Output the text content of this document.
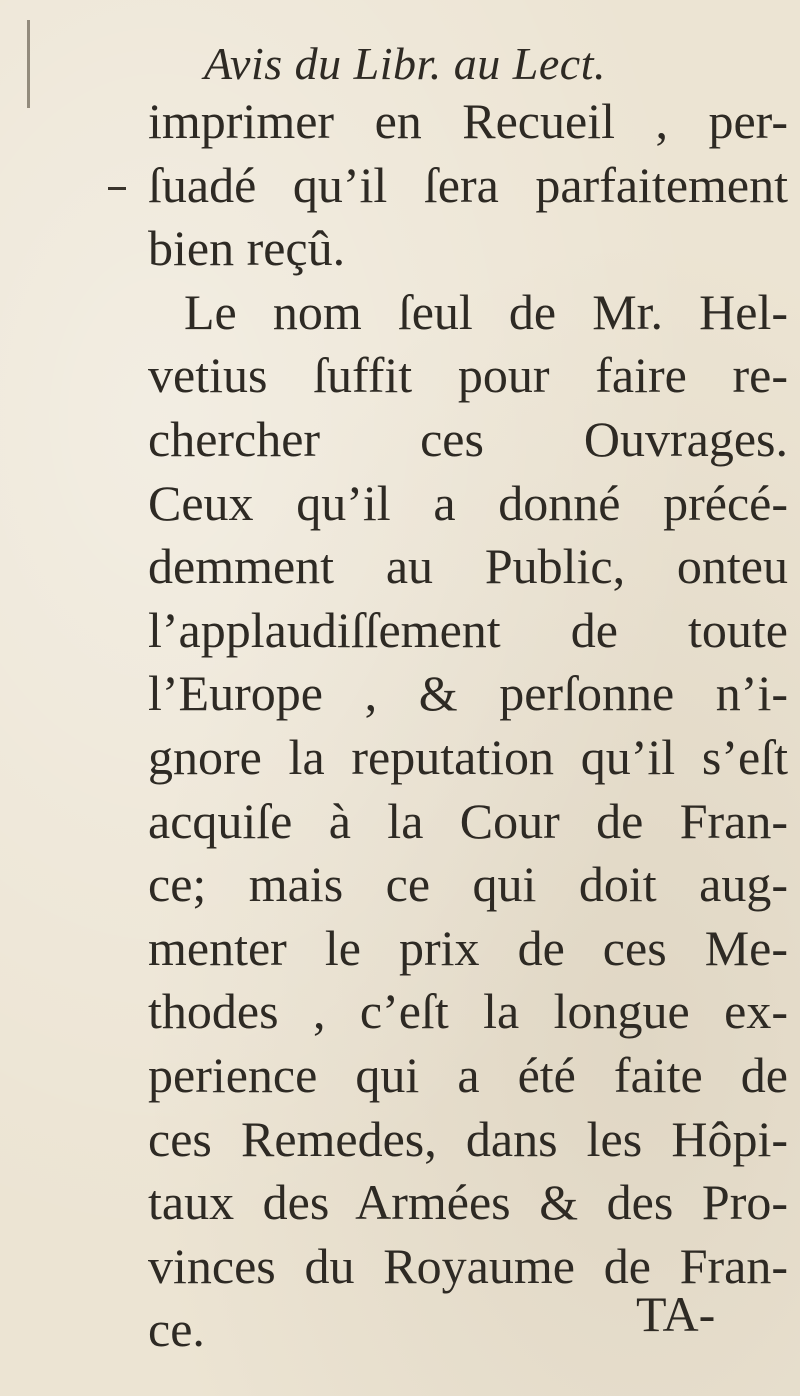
Avis du Libr. au Lect.
imprimer en Recueil , per-
ſuadé qu’il ſera parfaitement
bien reçû.
Le nom ſeul de Mr. Hel-
vetius ſuffit pour faire re-
chercher ces Ouvrages.
Ceux qu’il a donné précé-
demment au Public, onteu
l’applaudiſſement de toute
l’Europe , & perſonne n’i-
gnore la reputation qu’il s’eſt
acquiſe à la Cour de Fran-
ce; mais ce qui doit aug-
menter le prix de ces Me-
thodes , c’eſt la longue ex-
perience qui a été faite de
ces Remedes, dans les Hôpi-
taux des Armées & des Pro-
vinces du Royaume de Fran-
ce.	TA-
